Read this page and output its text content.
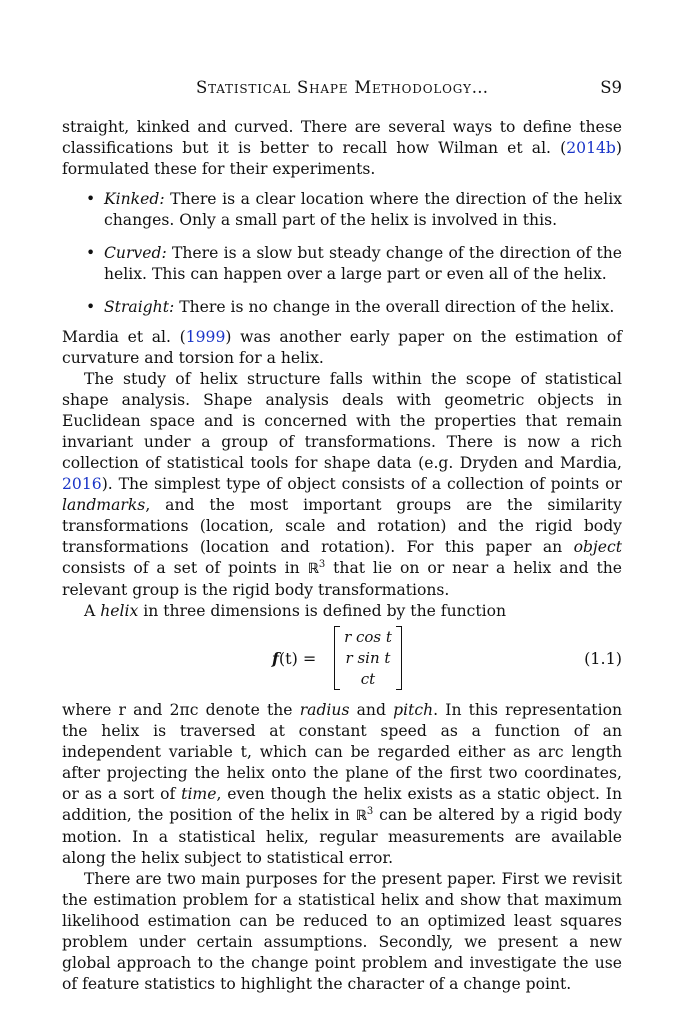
Statistical Shape Methodology…	S9

straight, kinked and curved. There are several ways to define these classifications but it is better to recall how Wilman et al. (2014b) formulated these for their experiments.

• Kinked: There is a clear location where the direction of the helix changes. Only a small part of the helix is involved in this.
• Curved: There is a slow but steady change of the direction of the helix. This can happen over a large part or even all of the helix.
• Straight: There is no change in the overall direction of the helix.

Mardia et al. (1999) was another early paper on the estimation of curvature and torsion for a helix.

The study of helix structure falls within the scope of statistical shape analysis. Shape analysis deals with geometric objects in Euclidean space and is concerned with the properties that remain invariant under a group of transformations. There is now a rich collection of statistical tools for shape data (e.g. Dryden and Mardia, 2016). The simplest type of object consists of a collection of points or landmarks, and the most important groups are the similarity transformations (location, scale and rotation) and the rigid body transformations (location and rotation). For this paper an object consists of a set of points in ℝ$^3$ that lie on or near a helix and the relevant group is the rigid body transformations.

A helix in three dimensions is defined by the function

f(t) =
r cos t
r sin t
ct
(1.1)

where r and 2πc denote the radius and pitch. In this representation the helix is traversed at constant speed as a function of an independent variable t, which can be regarded either as arc length after projecting the helix onto the plane of the first two coordinates, or as a sort of time, even though the helix exists as a static object. In addition, the position of the helix in ℝ$^3$ can be altered by a rigid body motion. In a statistical helix, regular measurements are available along the helix subject to statistical error.

There are two main purposes for the present paper. First we revisit the estimation problem for a statistical helix and show that maximum likelihood estimation can be reduced to an optimized least squares problem under certain assumptions. Secondly, we present a new global approach to the change point problem and investigate the use of feature statistics to highlight the character of a change point.
